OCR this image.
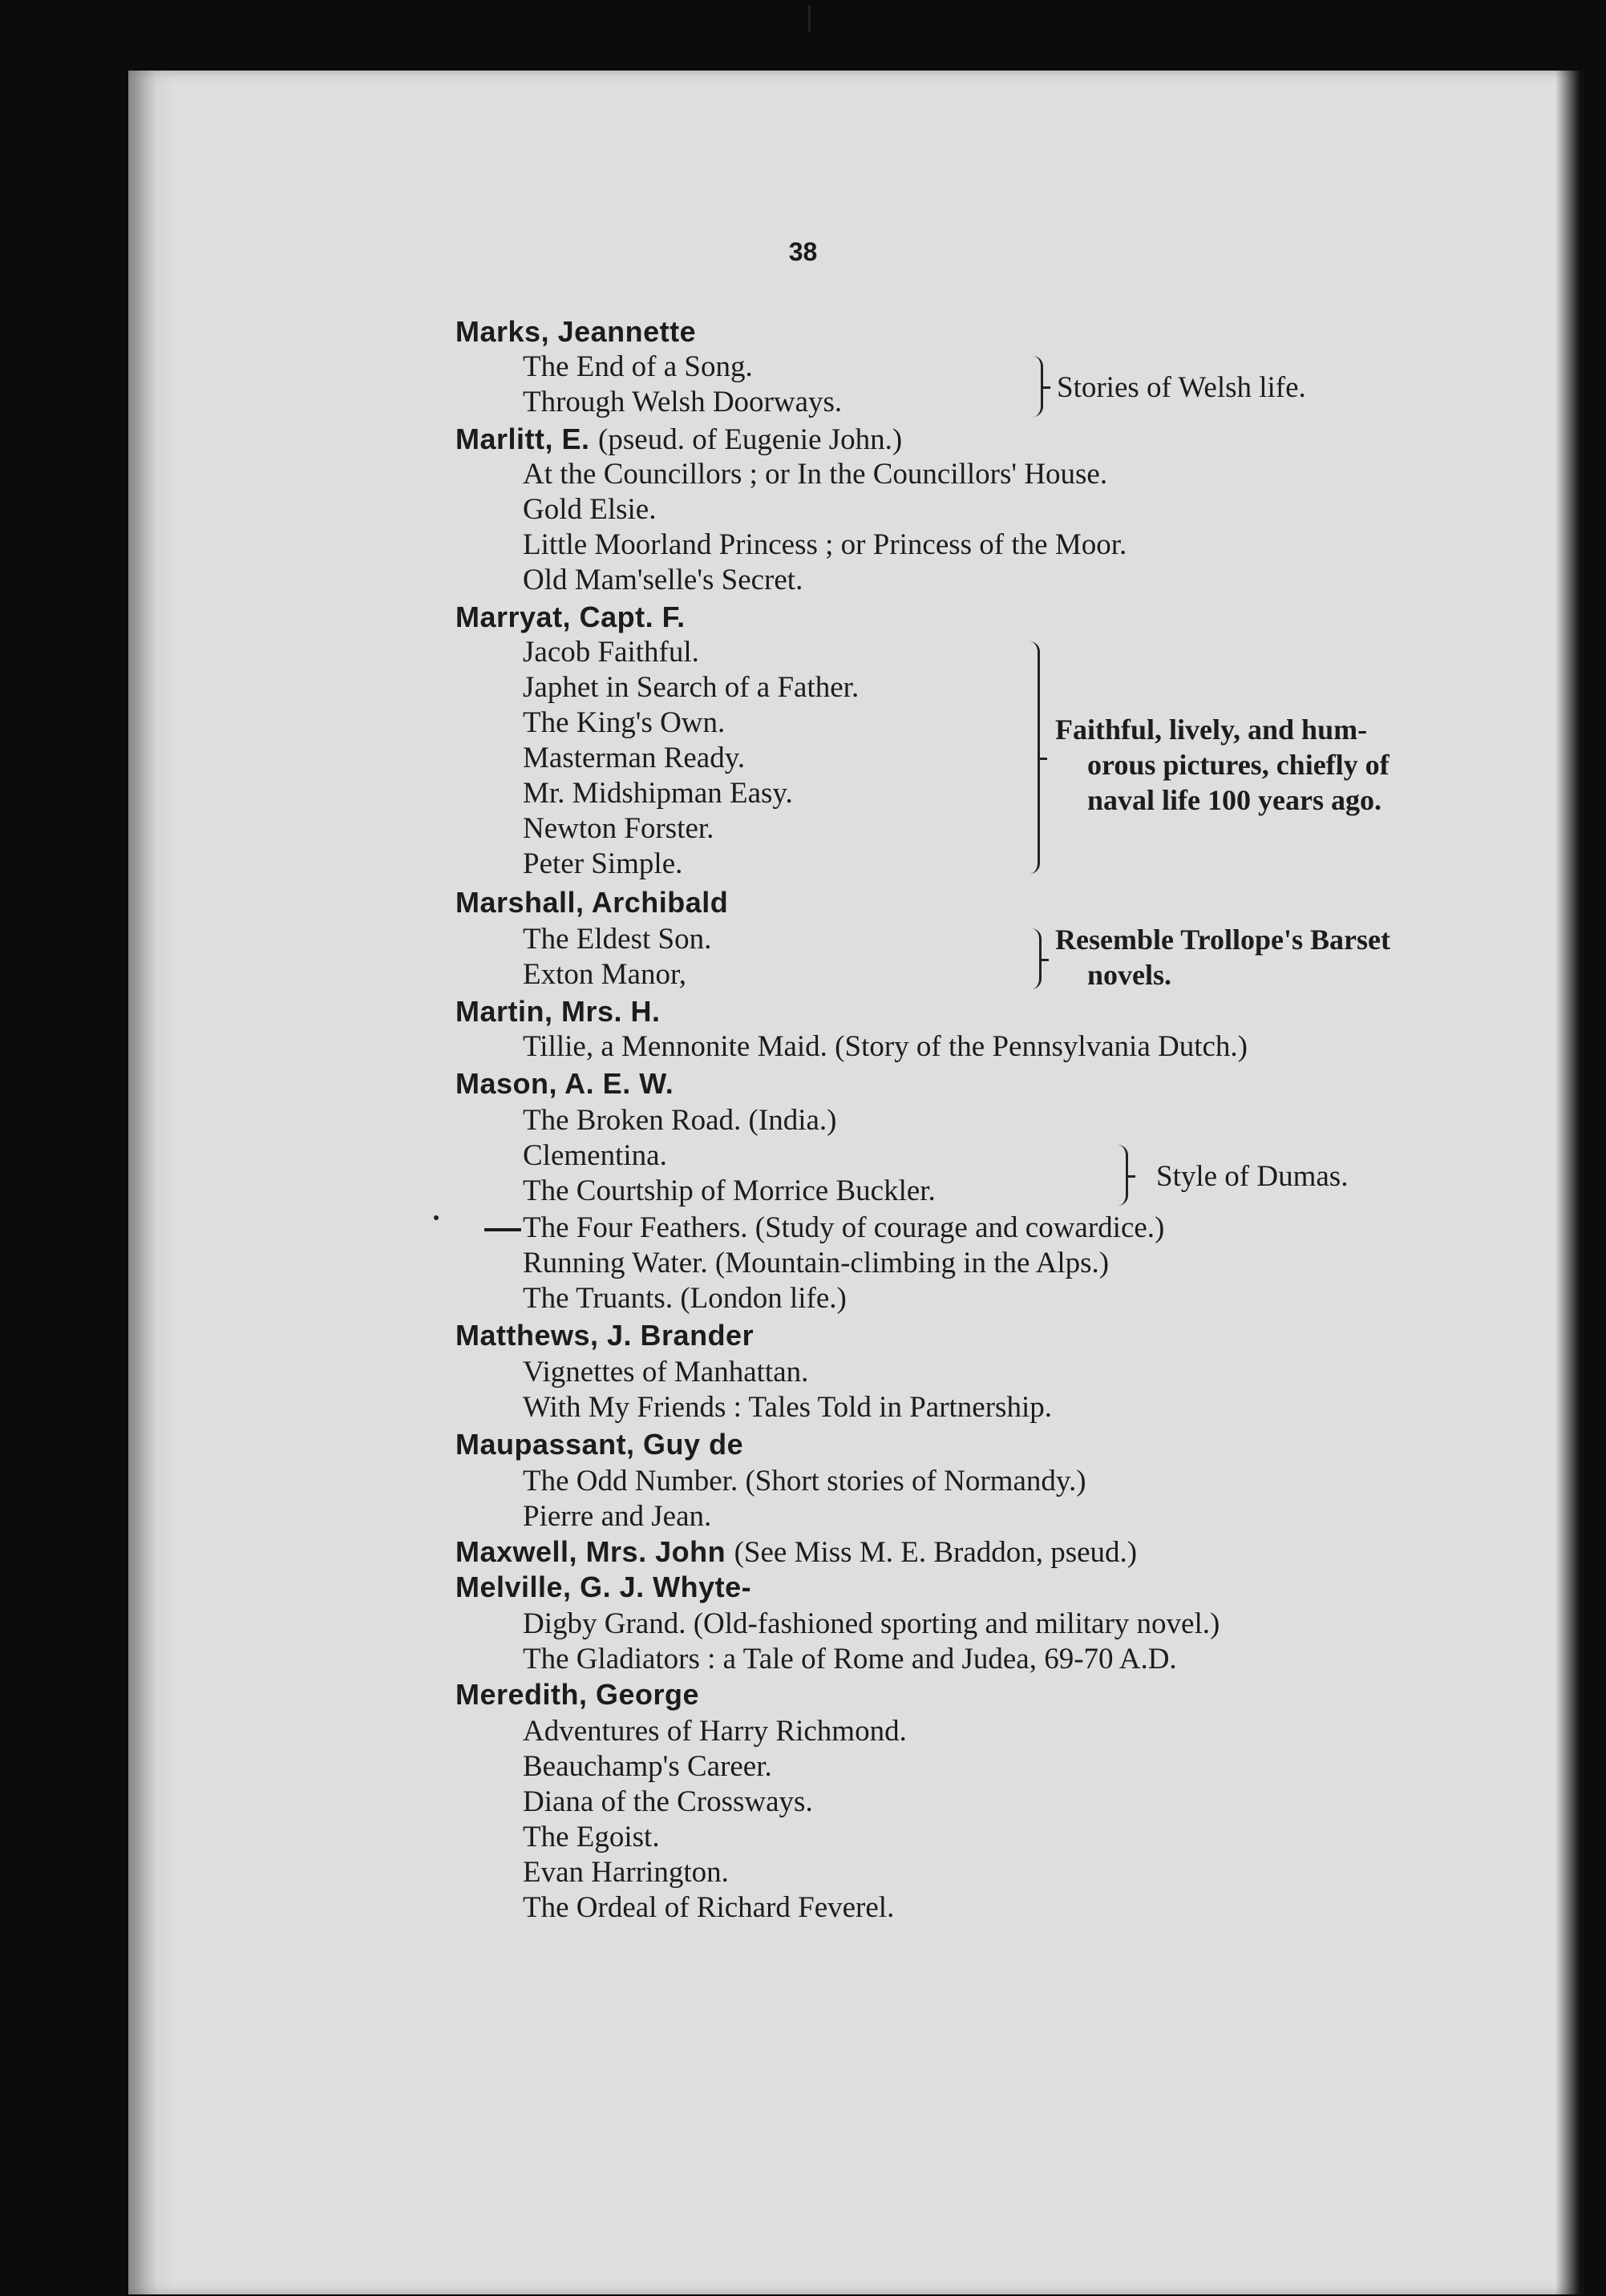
38
Marks, Jeannette
The End of a Song.
Through Welsh Doorways.	Stories of Welsh life.
Marlitt, E. (pseud. of Eugenie John.)
At the Councillors ; or In the Councillors' House.
Gold Elsie.
Little Moorland Princess ; or Princess of the Moor.
Old Mam'selle's Secret.
Marryat, Capt. F.
Jacob Faithful.
Japhet in Search of a Father.
The King's Own.
Masterman Ready.
Mr. Midshipman Easy.
Newton Forster.
Peter Simple.
Faithful, lively, and hum-
orous pictures, chiefly of
naval life 100 years ago.
Marshall, Archibald
The Eldest Son.
Exton Manor,
Resemble Trollope's Barset
novels.
Martin, Mrs. H.
Tillie, a Mennonite Maid. (Story of the Pennsylvania Dutch.)
Mason, A. E. W.
The Broken Road. (India.)
Clementina.
The Courtship of Morrice Buckler.	Style of Dumas.
The Four Feathers. (Study of courage and cowardice.)
Running Water. (Mountain-climbing in the Alps.)
The Truants. (London life.)
Matthews, J. Brander
Vignettes of Manhattan.
With My Friends : Tales Told in Partnership.
Maupassant, Guy de
The Odd Number. (Short stories of Normandy.)
Pierre and Jean.
Maxwell, Mrs. John (See Miss M. E. Braddon, pseud.)
Melville, G. J. Whyte-
Digby Grand. (Old-fashioned sporting and military novel.)
The Gladiators : a Tale of Rome and Judea, 69-70 A.D.
Meredith, George
Adventures of Harry Richmond.
Beauchamp's Career.
Diana of the Crossways.
The Egoist.
Evan Harrington.
The Ordeal of Richard Feverel.
